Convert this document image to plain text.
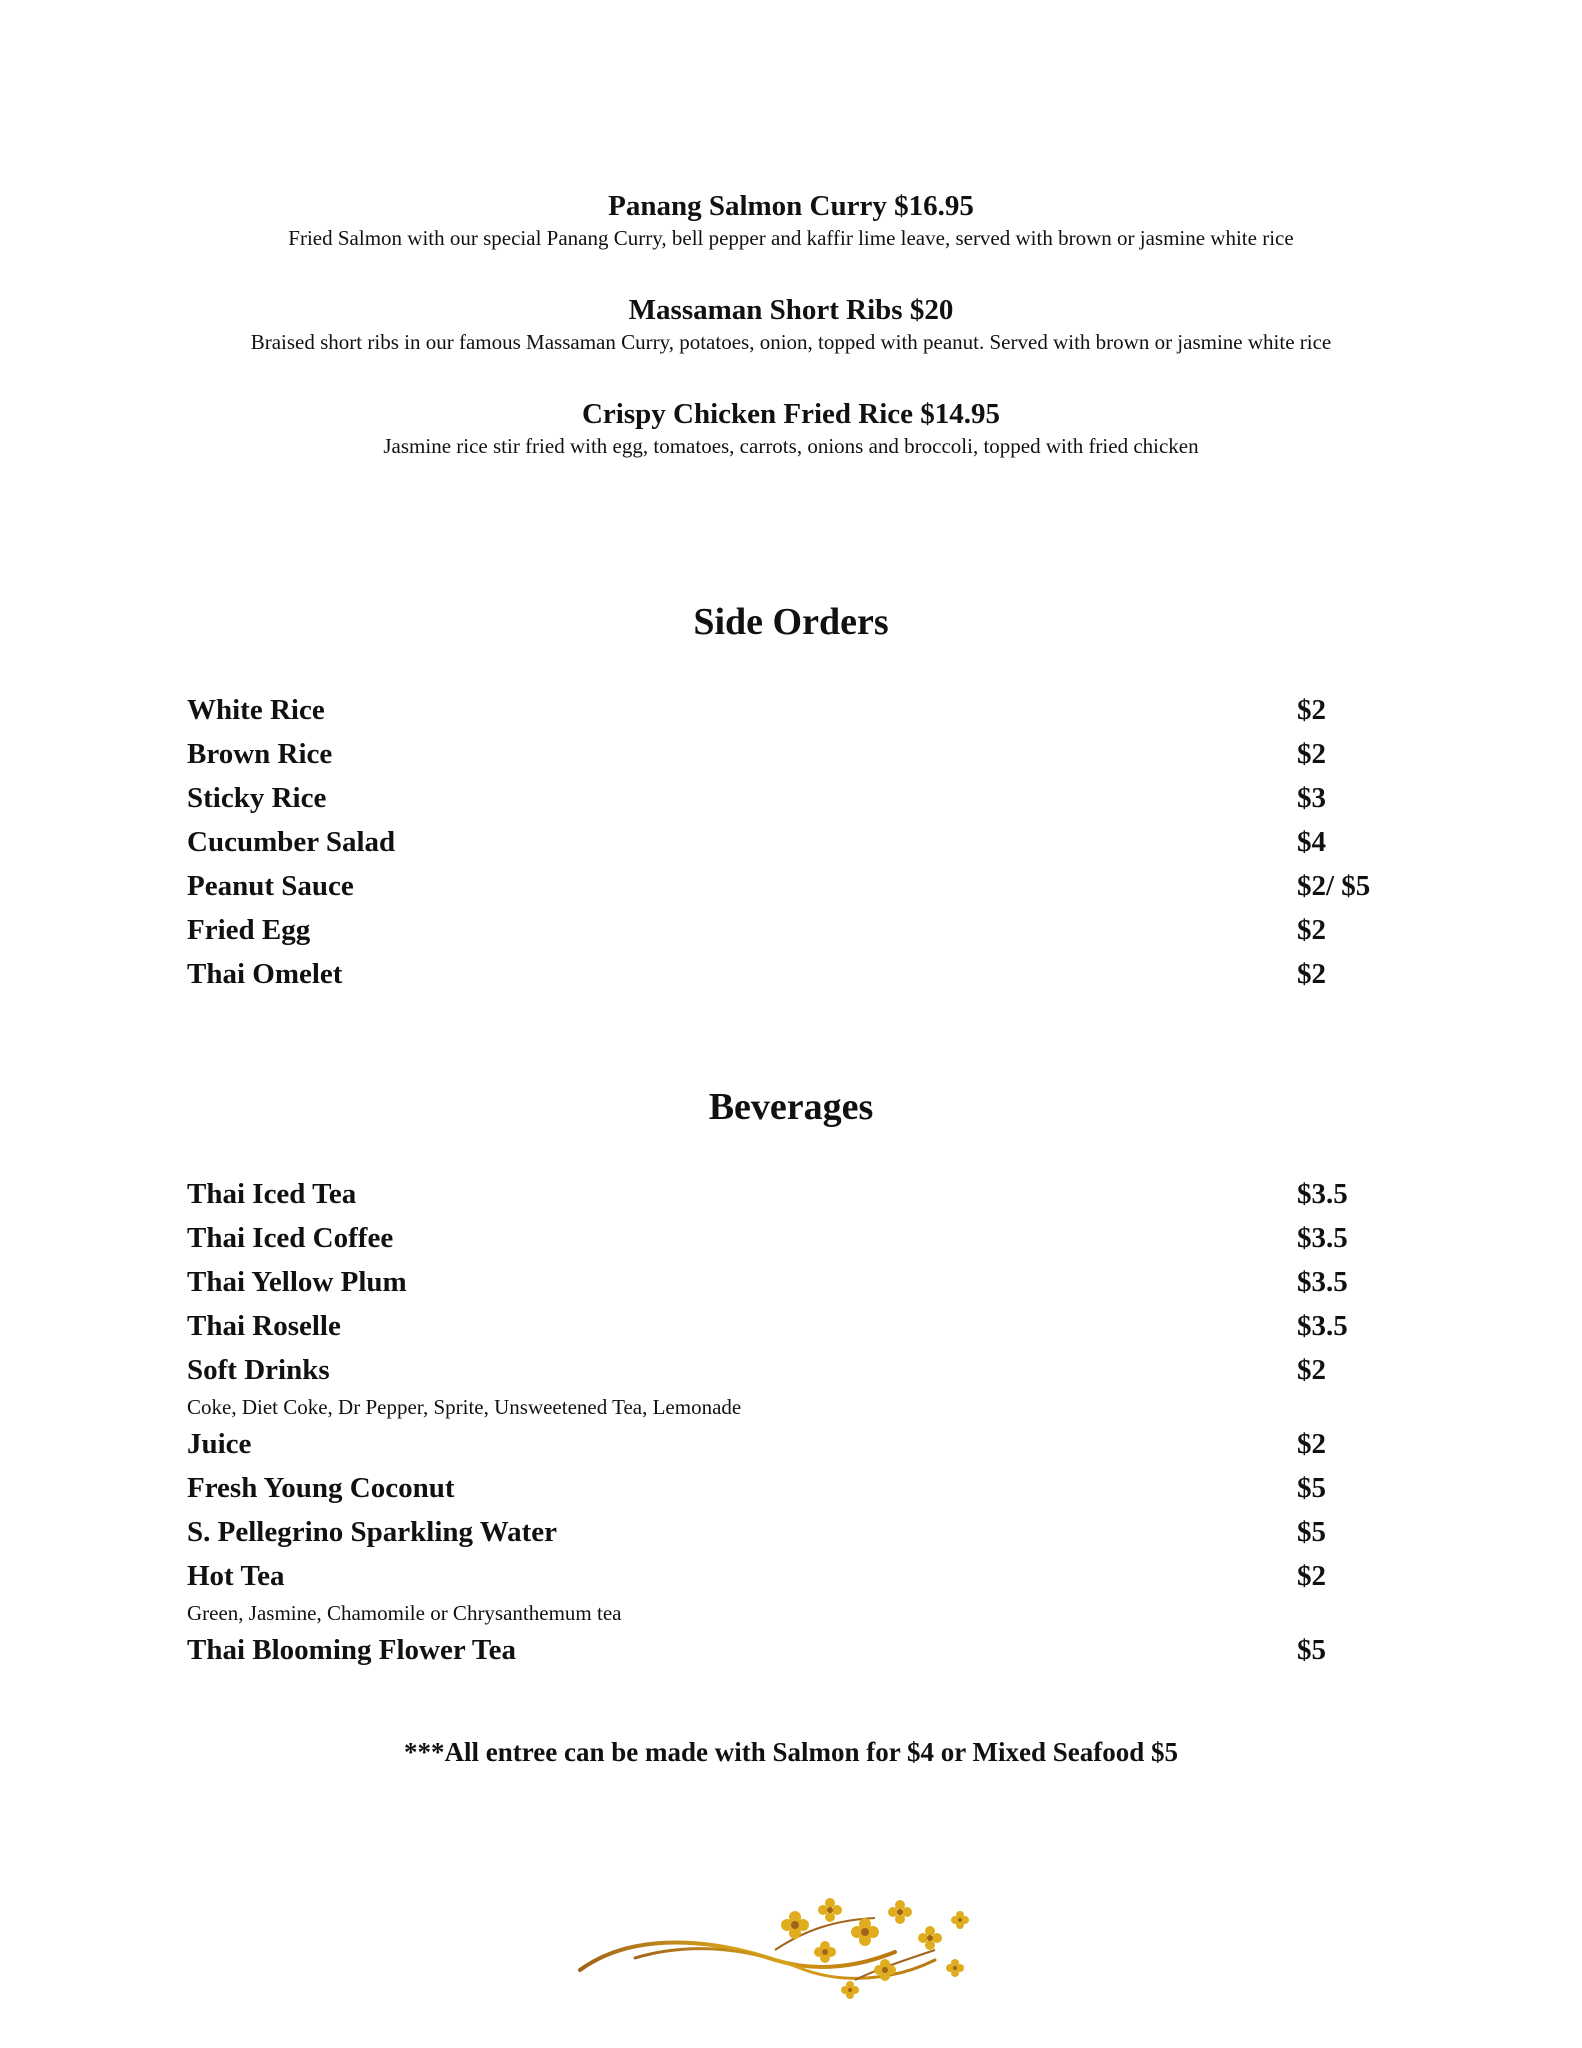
Panang Salmon Curry $16.95
Fried Salmon with our special Panang Curry, bell pepper and kaffir lime leave, served with brown or jasmine white rice
Massaman Short Ribs $20
Braised short ribs in our famous Massaman Curry, potatoes, onion, topped with peanut. Served with brown or jasmine white rice
Crispy Chicken Fried Rice $14.95
Jasmine rice stir fried with egg, tomatoes, carrots, onions and broccoli, topped with fried chicken
Side Orders
White Rice	$2
Brown Rice	$2
Sticky Rice	$3
Cucumber Salad	$4
Peanut Sauce	$2/ $5
Fried Egg	$2
Thai Omelet	$2
Beverages
Thai Iced Tea	$3.5
Thai Iced Coffee	$3.5
Thai Yellow Plum	$3.5
Thai Roselle	$3.5
Soft Drinks	$2
Coke, Diet Coke, Dr Pepper, Sprite, Unsweetened Tea, Lemonade
Juice	$2
Fresh Young Coconut	$5
S. Pellegrino Sparkling Water	$5
Hot Tea	$2
Green, Jasmine, Chamomile or Chrysanthemum tea
Thai Blooming Flower Tea	$5
***All entree can be made with Salmon for $4 or Mixed Seafood $5
